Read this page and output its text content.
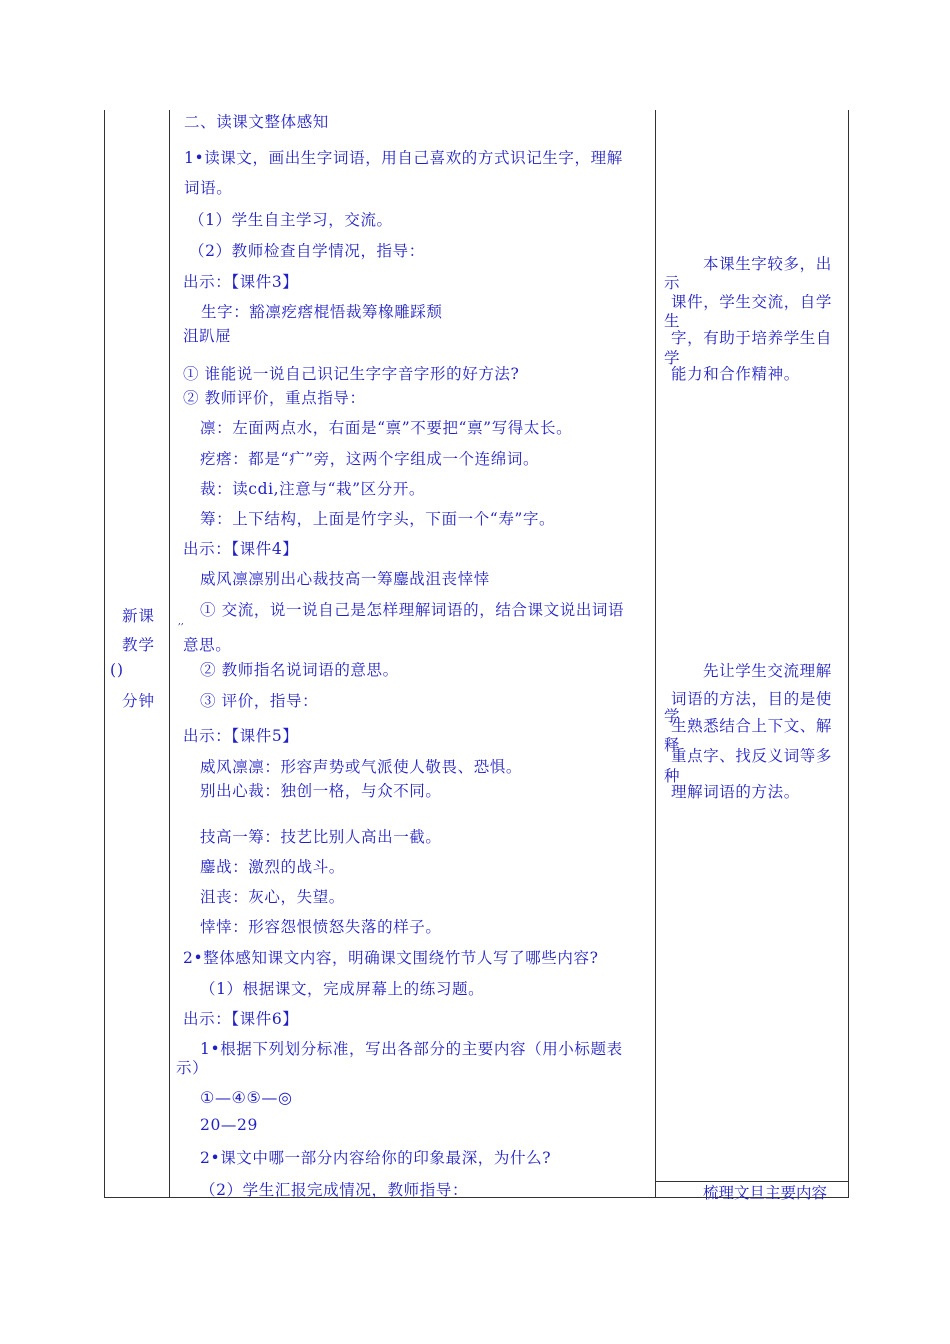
新课
教学
()
分钟
二、读课文整体感知
1•读课文，画出生字词语，用自己喜欢的方式识记生字，理解
词语。
（1）学生自主学习，交流。
（2）教师检查自学情况，指导：
出示：【课件3】
生字：豁凛疙瘩棍悟裁筹橡雕踩颓
沮趴屉
① 谁能说一说自己识记生字字音字形的好方法?
② 教师评价，重点指导：
凛：左面两点水，右面是“禀”不要把“禀”写得太长。
疙瘩：都是“疒”旁，这两个字组成一个连绵词。
裁：读cdi,注意与“栽”区分开。
筹：上下结构，上面是竹字头，下面一个“寿”字。
出示：【课件4】
威风凛凛别出心裁技高一筹鏖战沮丧悻悻
,,
① 交流，说一说自己是怎样理解词语的，结合课文说出词语
意思。
② 教师指名说词语的意思。
③ 评价，指导：
出示：【课件5】
威风凛凛：形容声势或气派使人敬畏、恐惧。
别出心裁：独创一格，与众不同。
技高一筹：技艺比别人高出一截。
鏖战：激烈的战斗。
沮丧：灰心，失望。
悻悻：形容怨恨愤怒失落的样子。
2•整体感知课文内容，明确课文围绕竹节人写了哪些内容?
（1）根据课文，完成屏幕上的练习题。
出示：【课件6】
1•根据下列划分标准，写出各部分的主要内容（用小标题表
示）
①—④⑤—◎
20—29
2•课文中哪一部分内容给你的印象最深，为什么?
（2）学生汇报完成情况，教师指导：
本课生字较多，出
示
课件，学生交流，自学
生
字，有助于培养学生自
学
能力和合作精神。
先让学生交流理解
学
词语的方法，目的是使
生熟悉结合上下文、解
释
重点字、找反义词等多
种
理解词语的方法。
梳理文旦主要内容
